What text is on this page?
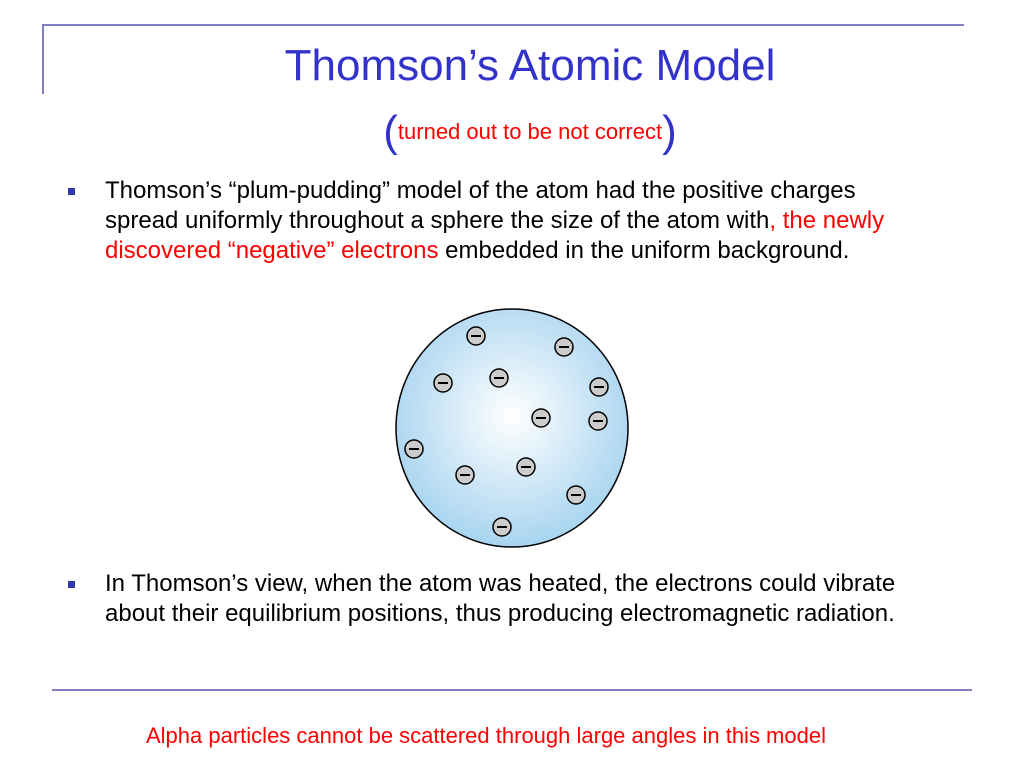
Thomson’s Atomic Model
(turned out to be not correct)
Thomson’s “plum-pudding” model of the atom had the positive charges spread uniformly throughout a sphere the size of the atom with, the newly discovered “negative” electrons embedded in the uniform background.
In Thomson’s view, when the atom was heated, the electrons could vibrate about their equilibrium positions, thus producing electromagnetic radiation.
Alpha particles cannot be scattered through large angles in this model
